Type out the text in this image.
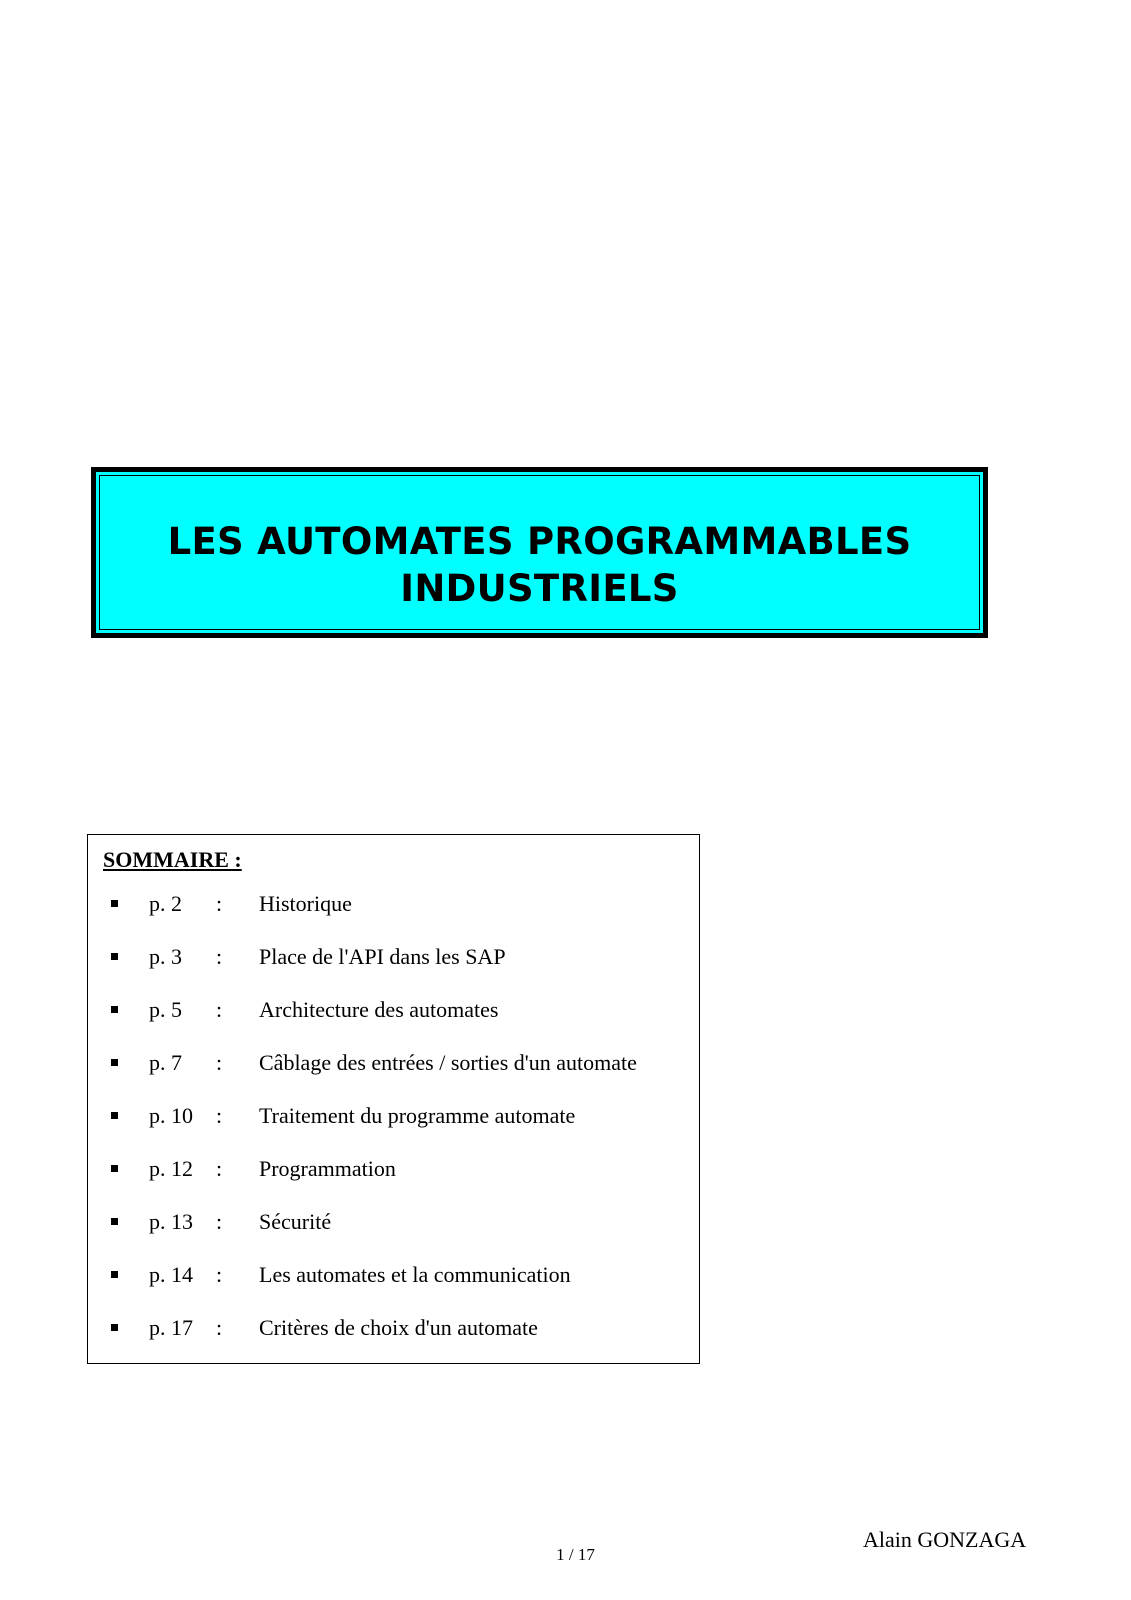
LES AUTOMATES PROGRAMMABLES
INDUSTRIELS
SOMMAIRE :
p. 2 : Historique
p. 3 : Place de l'API dans les SAP
p. 5 : Architecture des automates
p. 7 : Câblage des entrées / sorties d'un automate
p. 10 : Traitement du programme automate
p. 12 : Programmation
p. 13 : Sécurité
p. 14 : Les automates et la communication
p. 17 : Critères de choix d'un automate
Alain GONZAGA
1 / 17
